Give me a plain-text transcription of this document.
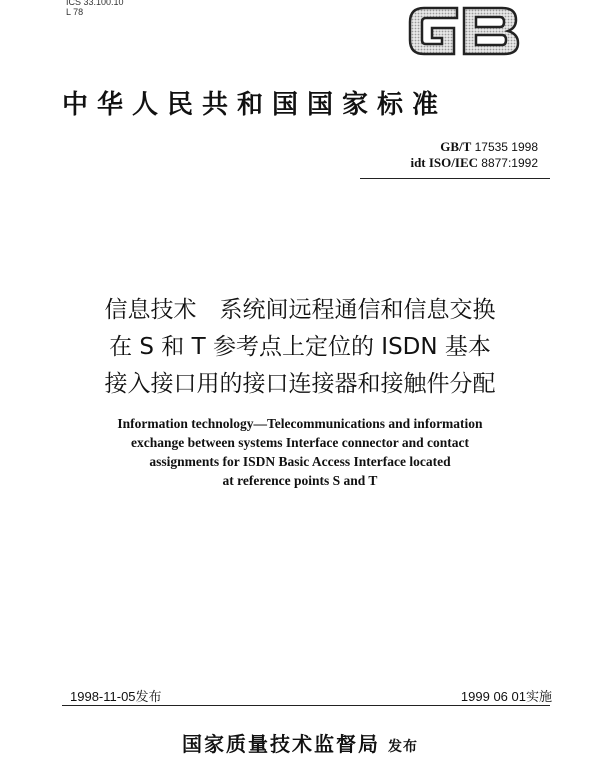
ICS 33.100.10
L 78
中华人民共和国国家标准
GB/T 17535 1998
idt ISO/IEC 8877:1992
信息技术　系统间远程通信和信息交换
在 S 和 T 参考点上定位的 ISDN 基本
接入接口用的接口连接器和接触件分配
Information technology—Telecommunications and information
exchange between systems Interface connector and contact
assignments for ISDN Basic Access Interface located
at reference points S and T
1998-11-05发布	1999 06 01实施
国家质量技术监督局 发布
